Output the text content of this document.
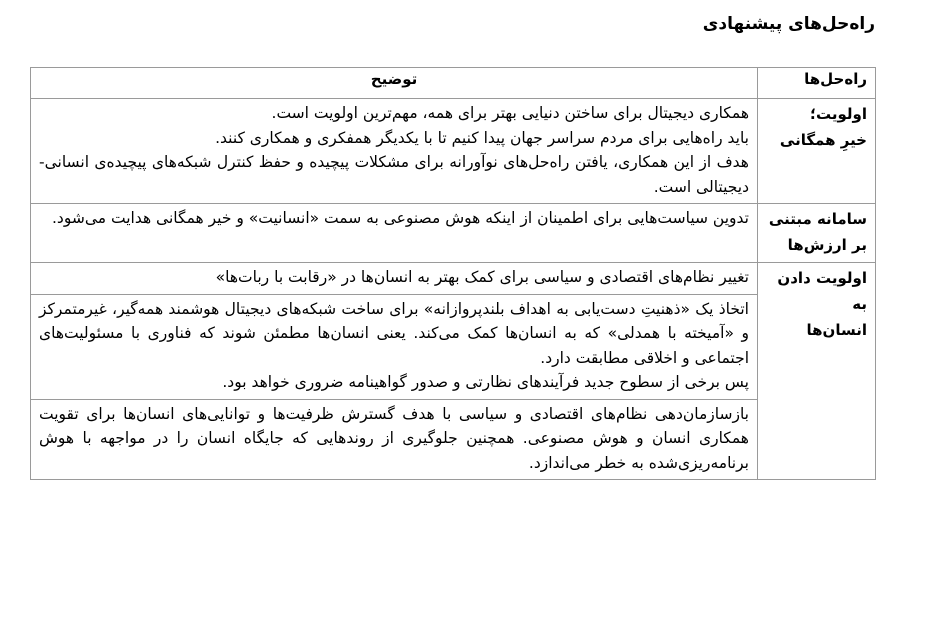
راه‌حل‌های پیشنهادی
راه‌حل‌ها	توضیح

اولویت؛
خیرِ همگانی	همکاری دیجیتال برای ساختن دنیایی بهتر برای همه، مهم‌ترین اولویت است.
باید راه‌هایی برای مردم سراسر جهان پیدا کنیم تا با یکدیگر همفکری و همکاری کنند.
هدف از این همکاری، یافتن راه‌حل‌های نوآورانه برای مشکلات پیچیده و حفظ کنترل شبکه‌های پیچیده‌ی انسانی-دیجیتالی است.

سامانه مبتنی
بر ارزش‌ها	تدوین سیاست‌هایی برای اطمینان از اینکه هوش مصنوعی به سمت «انسانیت» و خیر همگانی هدایت می‌شود.

اولویت دادن به
انسان‌ها	تغییر نظام‌های اقتصادی و سیاسی برای کمک بهتر به انسان‌ها در «رقابت با ربات‌ها»

	اتخاذ یک «ذهنیتِ دست‌یابی به اهداف بلندپروازانه» برای ساخت شبکه‌های دیجیتال هوشمند همه‌گیر، غیرمتمرکز و «آمیخته با همدلی» که به انسان‌ها کمک می‌کند. یعنی انسان‌ها مطمئن شوند که فناوری با مسئولیت‌های اجتماعی و اخلاقی مطابقت دارد.
پس برخی از سطوح جدید فرآیندهای نظارتی و صدور گواهینامه ضروری خواهد بود.

	بازسازمان‌دهی نظام‌های اقتصادی و سیاسی با هدف گسترش ظرفیت‌ها و توانایی‌های انسان‌ها برای تقویت همکاری انسان و هوش مصنوعی. همچنین جلوگیری از روندهایی که جایگاه انسان را در مواجهه با هوش برنامه‌ریزی‌شده به خطر می‌اندازد.
